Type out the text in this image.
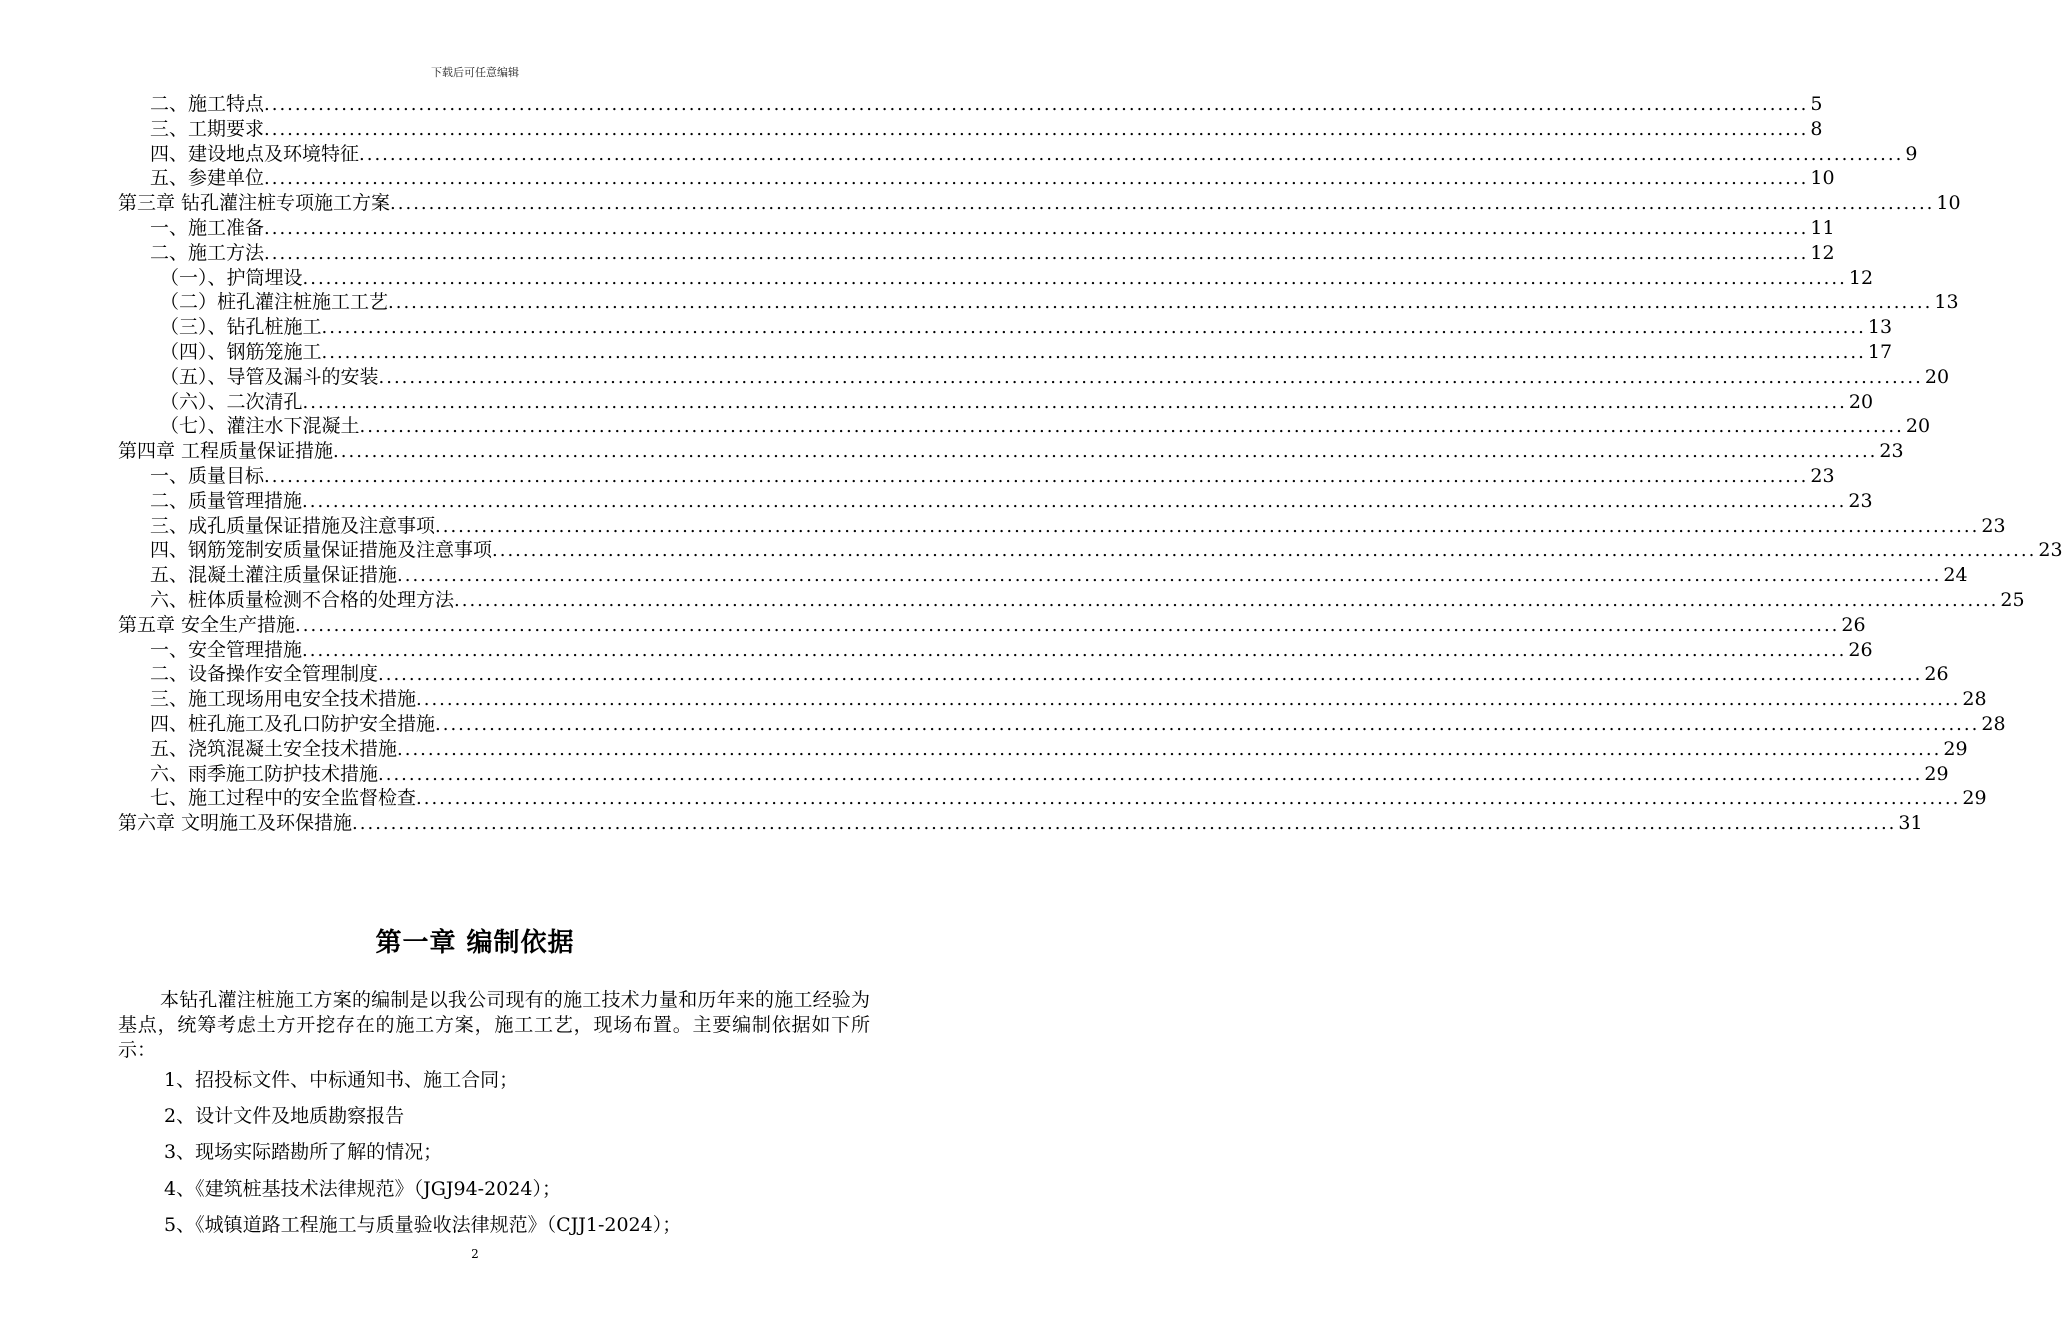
下载后可任意编辑
二、施工特点 ........................................................................................................................................................................................................ 5
三、工期要求 ........................................................................................................................................................................................................ 8
四、建设地点及环境特征 ........................................................................................................................................................................................................ 9
五、参建单位 ........................................................................................................................................................................................................ 10
第三章 钻孔灌注桩专项施工方案 ........................................................................................................................................................................................................ 10
一、施工准备 ........................................................................................................................................................................................................ 11
二、施工方法 ........................................................................................................................................................................................................ 12
（一）、护筒埋设 ........................................................................................................................................................................................................ 12
（二）桩孔灌注桩施工工艺 ........................................................................................................................................................................................................ 13
（三）、钻孔桩施工 ........................................................................................................................................................................................................ 13
（四）、钢筋笼施工 ........................................................................................................................................................................................................ 17
（五）、导管及漏斗的安装 ........................................................................................................................................................................................................ 20
（六）、二次清孔 ........................................................................................................................................................................................................ 20
（七）、灌注水下混凝土 ........................................................................................................................................................................................................ 20
第四章 工程质量保证措施 ........................................................................................................................................................................................................ 23
一、质量目标 ........................................................................................................................................................................................................ 23
二、质量管理措施 ........................................................................................................................................................................................................ 23
三、成孔质量保证措施及注意事项 ........................................................................................................................................................................................................ 23
四、钢筋笼制安质量保证措施及注意事项 ........................................................................................................................................................................................................ 23
五、混凝土灌注质量保证措施 ........................................................................................................................................................................................................ 24
六、桩体质量检测不合格的处理方法 ........................................................................................................................................................................................................ 25
第五章 安全生产措施 ........................................................................................................................................................................................................ 26
一、安全管理措施 ........................................................................................................................................................................................................ 26
二、设备操作安全管理制度 ........................................................................................................................................................................................................ 26
三、施工现场用电安全技术措施 ........................................................................................................................................................................................................ 28
四、桩孔施工及孔口防护安全措施 ........................................................................................................................................................................................................ 28
五、浇筑混凝土安全技术措施 ........................................................................................................................................................................................................ 29
六、雨季施工防护技术措施 ........................................................................................................................................................................................................ 29
七、施工过程中的安全监督检查 ........................................................................................................................................................................................................ 29
第六章 文明施工及环保措施 ........................................................................................................................................................................................................ 31
第一章 编制依据

本钻孔灌注桩施工方案的编制是以我公司现有的施工技术力量和历年来的施工经验为基点，统筹考虑土方开挖存在的施工方案，施工工艺，现场布置。主要编制依据如下所示：

1、招投标文件、中标通知书、施工合同；
2、设计文件及地质勘察报告
3、现场实际踏勘所了解的情况；
4、《建筑桩基技术法律规范》（JGJ94-2024）；
5、《城镇道路工程施工与质量验收法律规范》（CJJ1-2024）；
2
